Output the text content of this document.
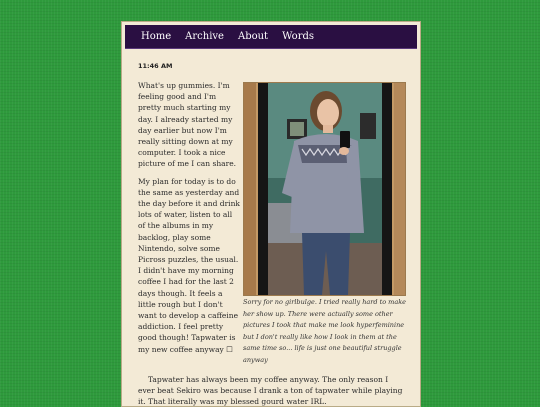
Home Archive About Words
11:46 AM

What's up gummies. I'm feeling good and I'm pretty much starting my day. I already started my day earlier but now I'm really sitting down at my computer. I took a nice picture of me I can share.

My plan for today is to do the same as yesterday and the day before it and drink lots of water, listen to all of the albums in my backlog, play some Nintendo, solve some Picross puzzles, the usual. I didn't have my morning coffee I had for the last 2 days though. It feels a little rough but I don't want to develop a caffeine addiction. I feel pretty good though! Tapwater is my new coffee anyway ☐

Sorry for no girlbulge. I tried really hard to make her show up. There were actually some other pictures I took that make me look hyperfeminine but I don't really like how I look in them at the same time so... life is just one beautiful struggle anyway
Tapwater has always been my coffee anyway. The only reason I ever beat Sekiro was because I drank a ton of tapwater while playing it. That literally was my blessed gourd water IRL.
